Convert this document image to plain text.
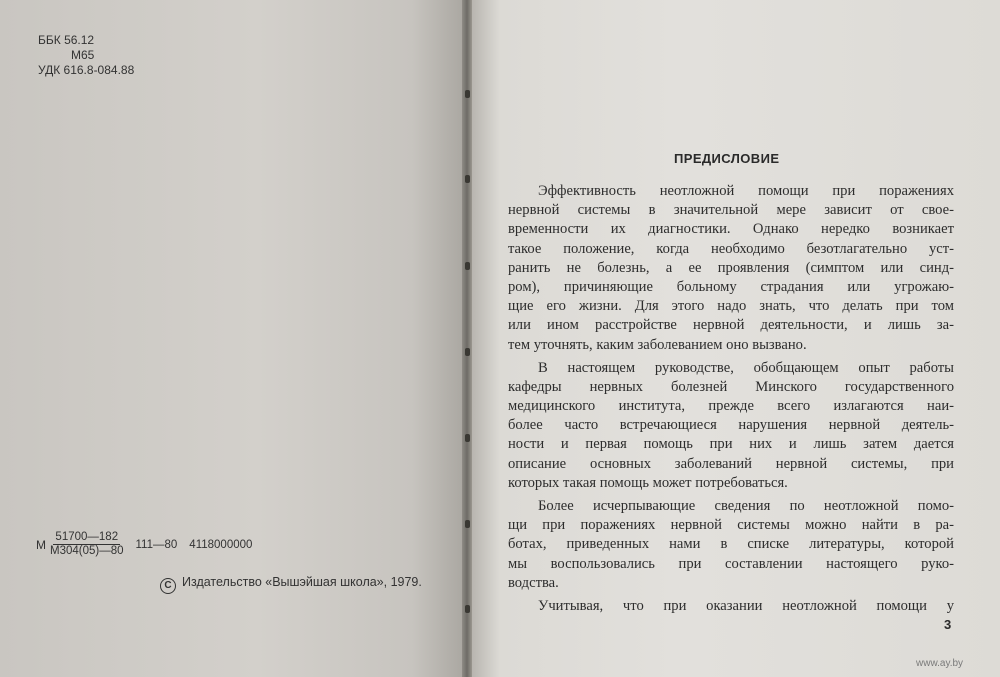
ББК 56.12
М65
УДК 616.8-084.88
М $\frac{51700—182}{М304(05)—80}$ 111—80 4118000000
C Издательство «Вышэйшая школа», 1979.
ПРЕДИСЛОВИЕ
Эффективность неотложной помощи при поражениях
нервной системы в значительной мере зависит от свое-
временности их диагностики. Однако нередко возникает
такое положение, когда необходимо безотлагательно уст-
ранить не болезнь, а ее проявления (симптом или синд-
ром), причиняющие больному страдания или угрожаю-
щие его жизни. Для этого надо знать, что делать при том
или ином расстройстве нервной деятельности, и лишь за-
тем уточнять, каким заболеванием оно вызвано.
В настоящем руководстве, обобщающем опыт работы
кафедры нервных болезней Минского государственного
медицинского института, прежде всего излагаются наи-
более часто встречающиеся нарушения нервной деятель-
ности и первая помощь при них и лишь затем дается
описание основных заболеваний нервной системы, при
которых такая помощь может потребоваться.
Более исчерпывающие сведения по неотложной помо-
щи при поражениях нервной системы можно найти в ра-
ботах, приведенных нами в списке литературы, которой
мы воспользовались при составлении настоящего руко-
водства.
Учитывая, что при оказании неотложной помощи у
3
www.ay.by
